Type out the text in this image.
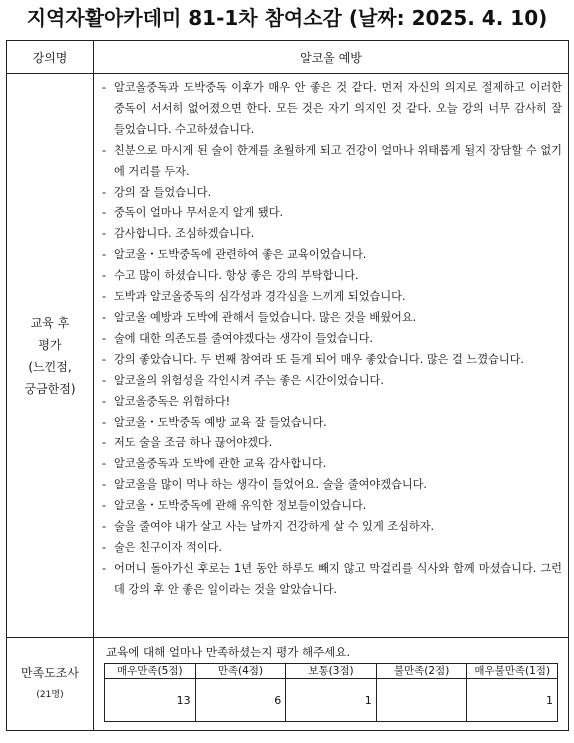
지역자활아카데미 81-1차 참여소감 (날짜: 2025. 4. 10)
강의명	알코올 예방

교육 후
평가
(느낀점,
궁금한점)

- 알코올중독과 도박중독 이후가 매우 안 좋은 것 같다. 먼저 자신의 의지로 절제하고 이러한 중독이 서서히 없어졌으면 한다. 모든 것은 자기 의지인 것 같다. 오늘 강의 너무 감사히 잘 들었습니다. 수고하셨습니다.
- 친분으로 마시게 된 술이 한계를 초월하게 되고 건강이 얼마나 위태롭게 될지 장담할 수 없기에 거리를 두자.
- 강의 잘 들었습니다.
- 중독이 얼마나 무서운지 알게 됐다.
- 감사합니다. 조심하겠습니다.
- 알코올・도박중독에 관련하여 좋은 교육이었습니다.
- 수고 많이 하셨습니다. 항상 좋은 강의 부탁합니다.
- 도박과 알코올중독의 심각성과 경각심을 느끼게 되었습니다.
- 알코올 예방과 도박에 관해서 들었습니다. 많은 것을 배웠어요.
- 술에 대한 의존도를 줄여야겠다는 생각이 들었습니다.
- 강의 좋았습니다. 두 번째 참여라 또 듣게 되어 매우 좋았습니다. 많은 걸 느꼈습니다.
- 알코올의 위험성을 각인시켜 주는 좋은 시간이었습니다.
- 알코올중독은 위험하다!
- 알코올・도박중독 예방 교육 잘 들었습니다.
- 저도 술을 조금 하나 끊어야겠다.
- 알코올중독과 도박에 관한 교육 감사합니다.
- 알코올을 많이 먹나 하는 생각이 들었어요. 술을 줄여야겠습니다.
- 알코올・도박중독에 관해 유익한 정보들이었습니다.
- 술을 줄여야 내가 살고 사는 날까지 건강하게 살 수 있게 조심하자.
- 술은 친구이자 적이다.
- 어머니 돌아가신 후로는 1년 동안 하루도 빼지 않고 막걸리를 식사와 함께 마셨습니다. 그런데 강의 후 안 좋은 일이라는 것을 알았습니다.

만족도조사
(21명)

교육에 대해 얼마나 만족하셨는지 평가 해주세요.
매우만족(5점)	만족(4점)	보통(3점)	불만족(2점)	매우불만족(1점)
13	6	1		1
